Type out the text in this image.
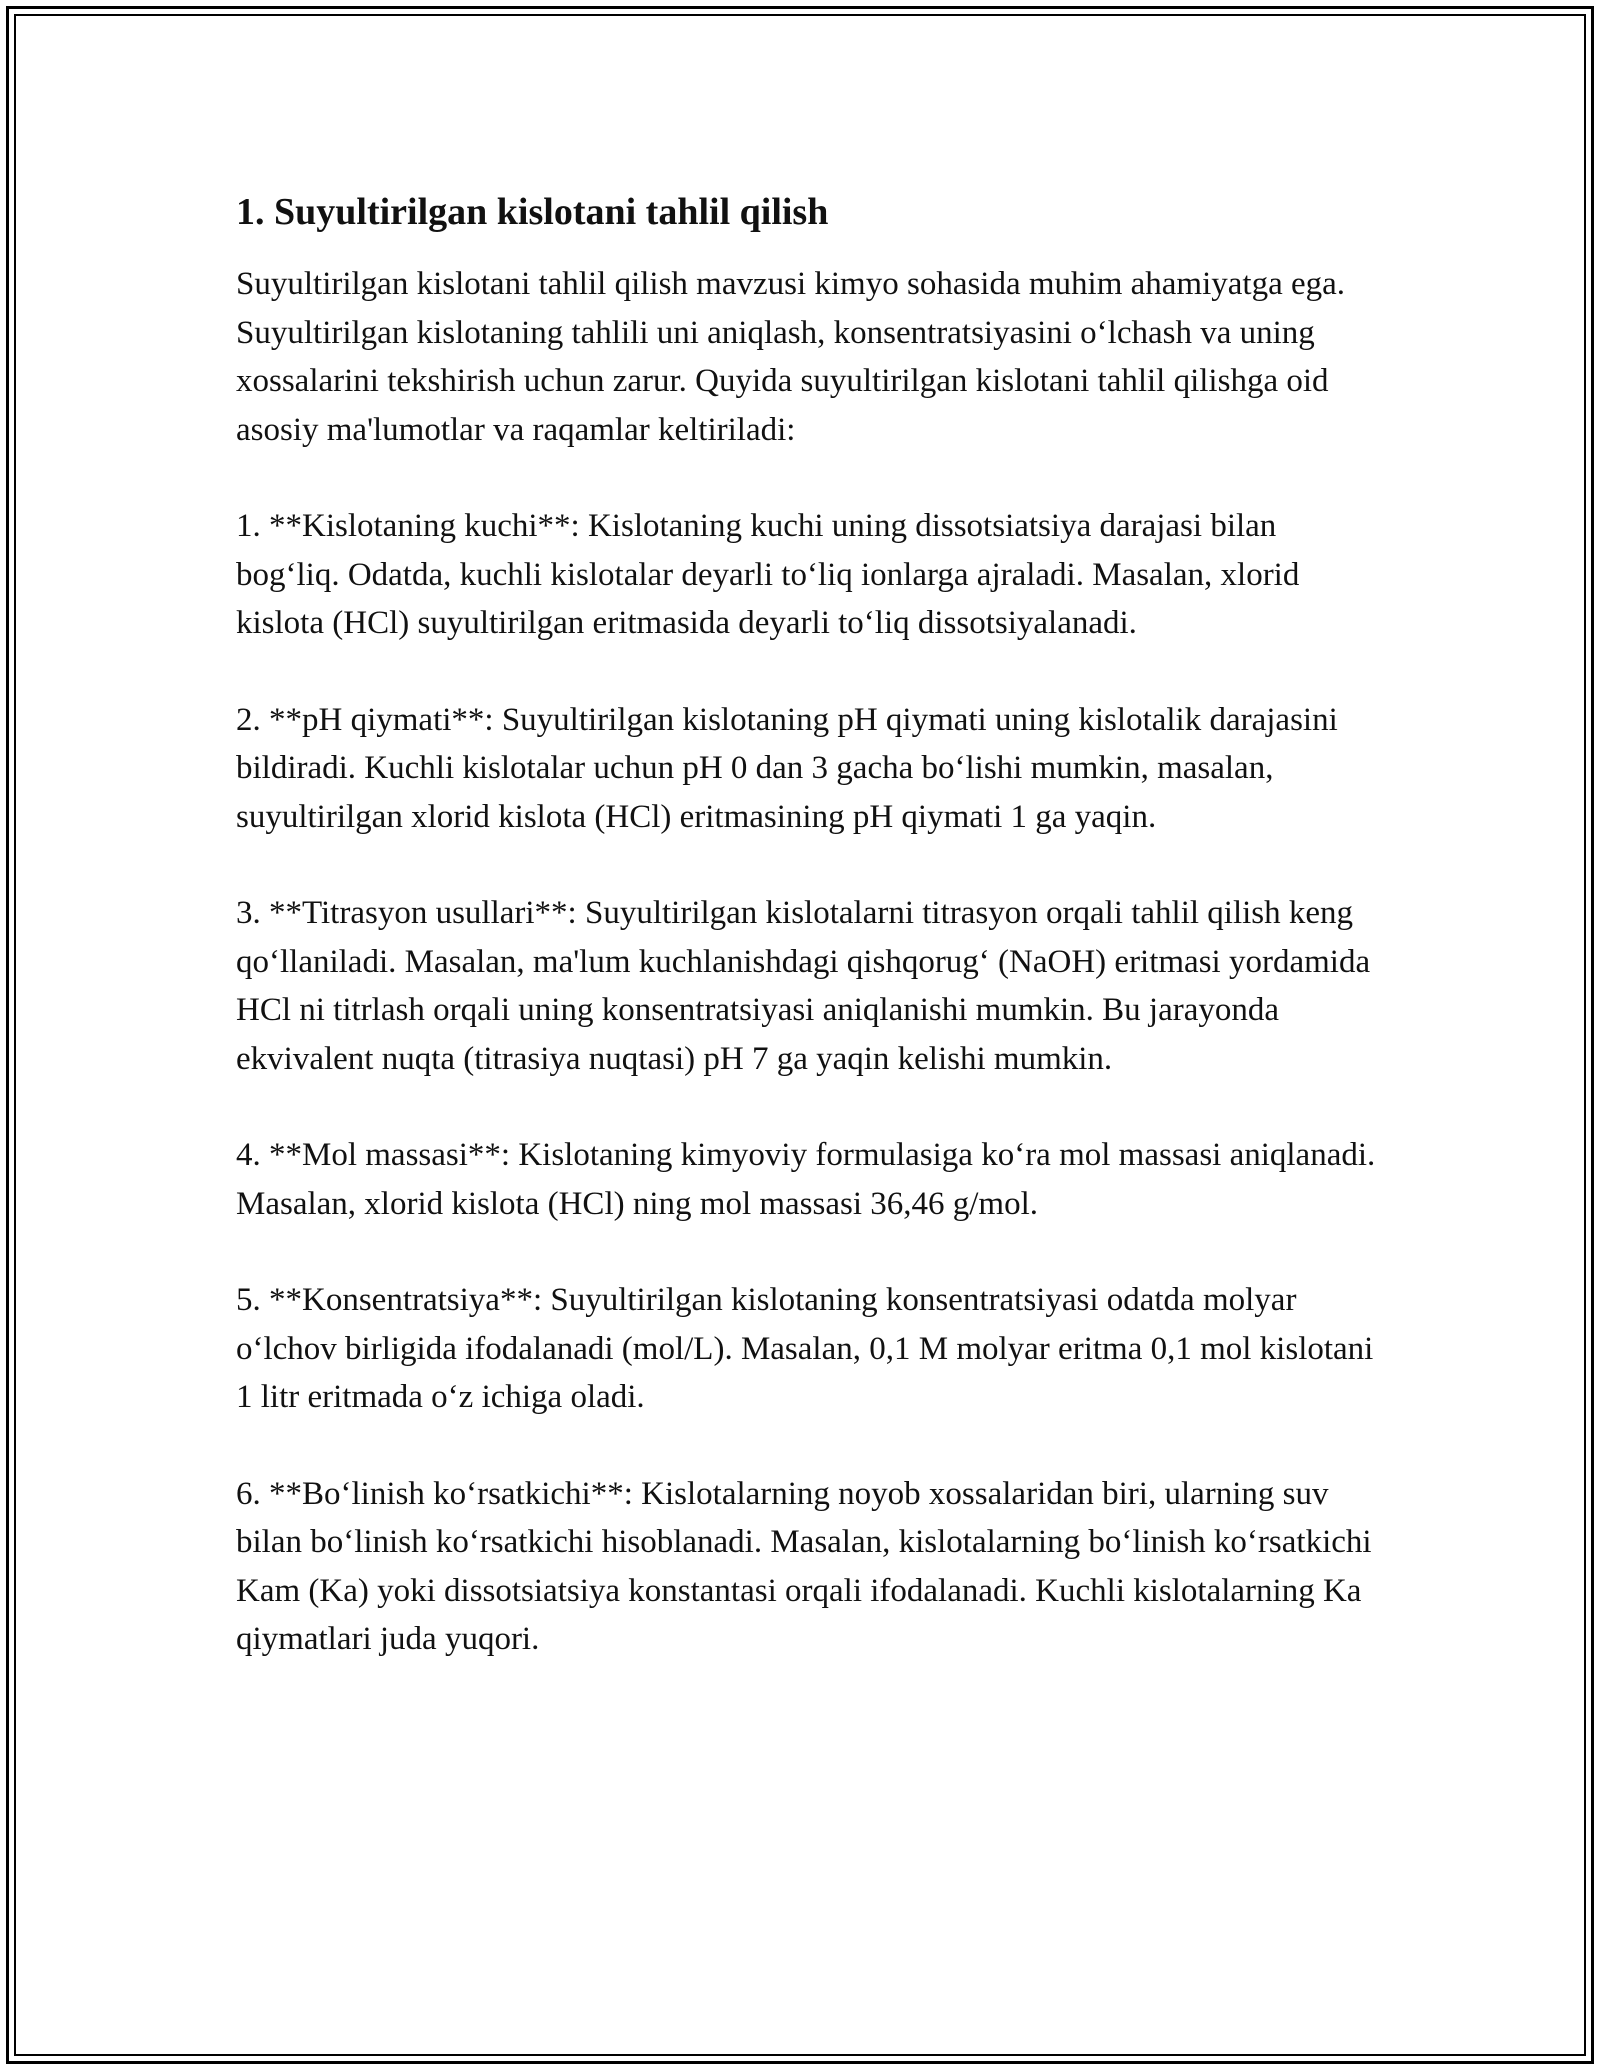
1. Suyultirilgan kislotani tahlil qilish

Suyultirilgan kislotani tahlil qilish mavzusi kimyo sohasida muhim ahamiyatga ega. Suyultirilgan kislotaning tahlili uni aniqlash, konsentratsiyasini o‘lchash va uning xossalarini tekshirish uchun zarur. Quyida suyultirilgan kislotani tahlil qilishga oid asosiy ma'lumotlar va raqamlar keltiriladi:

1. **Kislotaning kuchi**: Kislotaning kuchi uning dissotsiatsiya darajasi bilan bog‘liq. Odatda, kuchli kislotalar deyarli to‘liq ionlarga ajraladi. Masalan, xlorid kislota (HCl) suyultirilgan eritmasida deyarli to‘liq dissotsiyalanadi.

2. **pH qiymati**: Suyultirilgan kislotaning pH qiymati uning kislotalik darajasini bildiradi. Kuchli kislotalar uchun pH 0 dan 3 gacha bo‘lishi mumkin, masalan, suyultirilgan xlorid kislota (HCl) eritmasining pH qiymati 1 ga yaqin.

3. **Titrasyon usullari**: Suyultirilgan kislotalarni titrasyon orqali tahlil qilish keng qo‘llaniladi. Masalan, ma'lum kuchlanishdagi qishqorug‘ (NaOH) eritmasi yordamida HCl ni titrlash orqali uning konsentratsiyasi aniqlanishi mumkin. Bu jarayonda ekvivalent nuqta (titrasiya nuqtasi) pH 7 ga yaqin kelishi mumkin.

4. **Mol massasi**: Kislotaning kimyoviy formulasiga ko‘ra mol massasi aniqlanadi. Masalan, xlorid kislota (HCl) ning mol massasi 36,46 g/mol.

5. **Konsentratsiya**: Suyultirilgan kislotaning konsentratsiyasi odatda molyar o‘lchov birligida ifodalanadi (mol/L). Masalan, 0,1 M molyar eritma 0,1 mol kislotani 1 litr eritmada o‘z ichiga oladi.

6. **Bo‘linish ko‘rsatkichi**: Kislotalarning noyob xossalaridan biri, ularning suv bilan bo‘linish ko‘rsatkichi hisoblanadi. Masalan, kislotalarning bo‘linish ko‘rsatkichi Kam (Ka) yoki dissotsiatsiya konstantasi orqali ifodalanadi. Kuchli kislotalarning Ka qiymatlari juda yuqori.
